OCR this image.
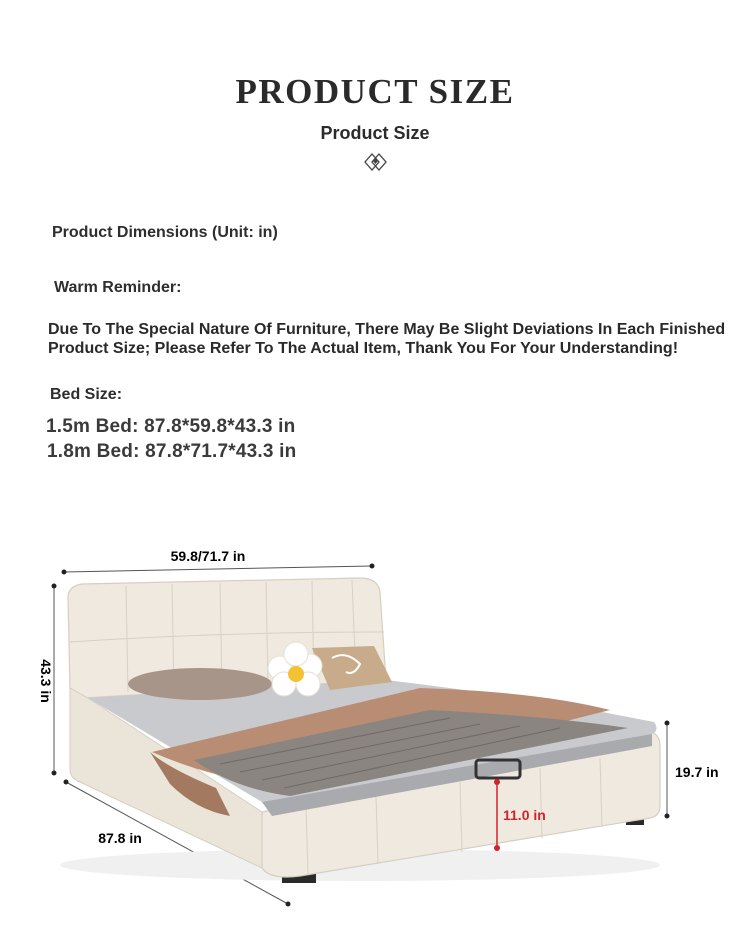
PRODUCT SIZE
Product Size
Product Dimensions (Unit: in)
Warm Reminder:
Due To The Special Nature Of Furniture, There May Be Slight Deviations In Each Finished Product Size; Please Refer To The Actual Item, Thank You For Your Understanding!
Bed Size:
1.5m Bed: 87.8*59.8*43.3 in
1.8m Bed: 87.8*71.7*43.3 in
59.8/71.7 in
43.3 in
87.8 in
19.7 in
11.0 in
